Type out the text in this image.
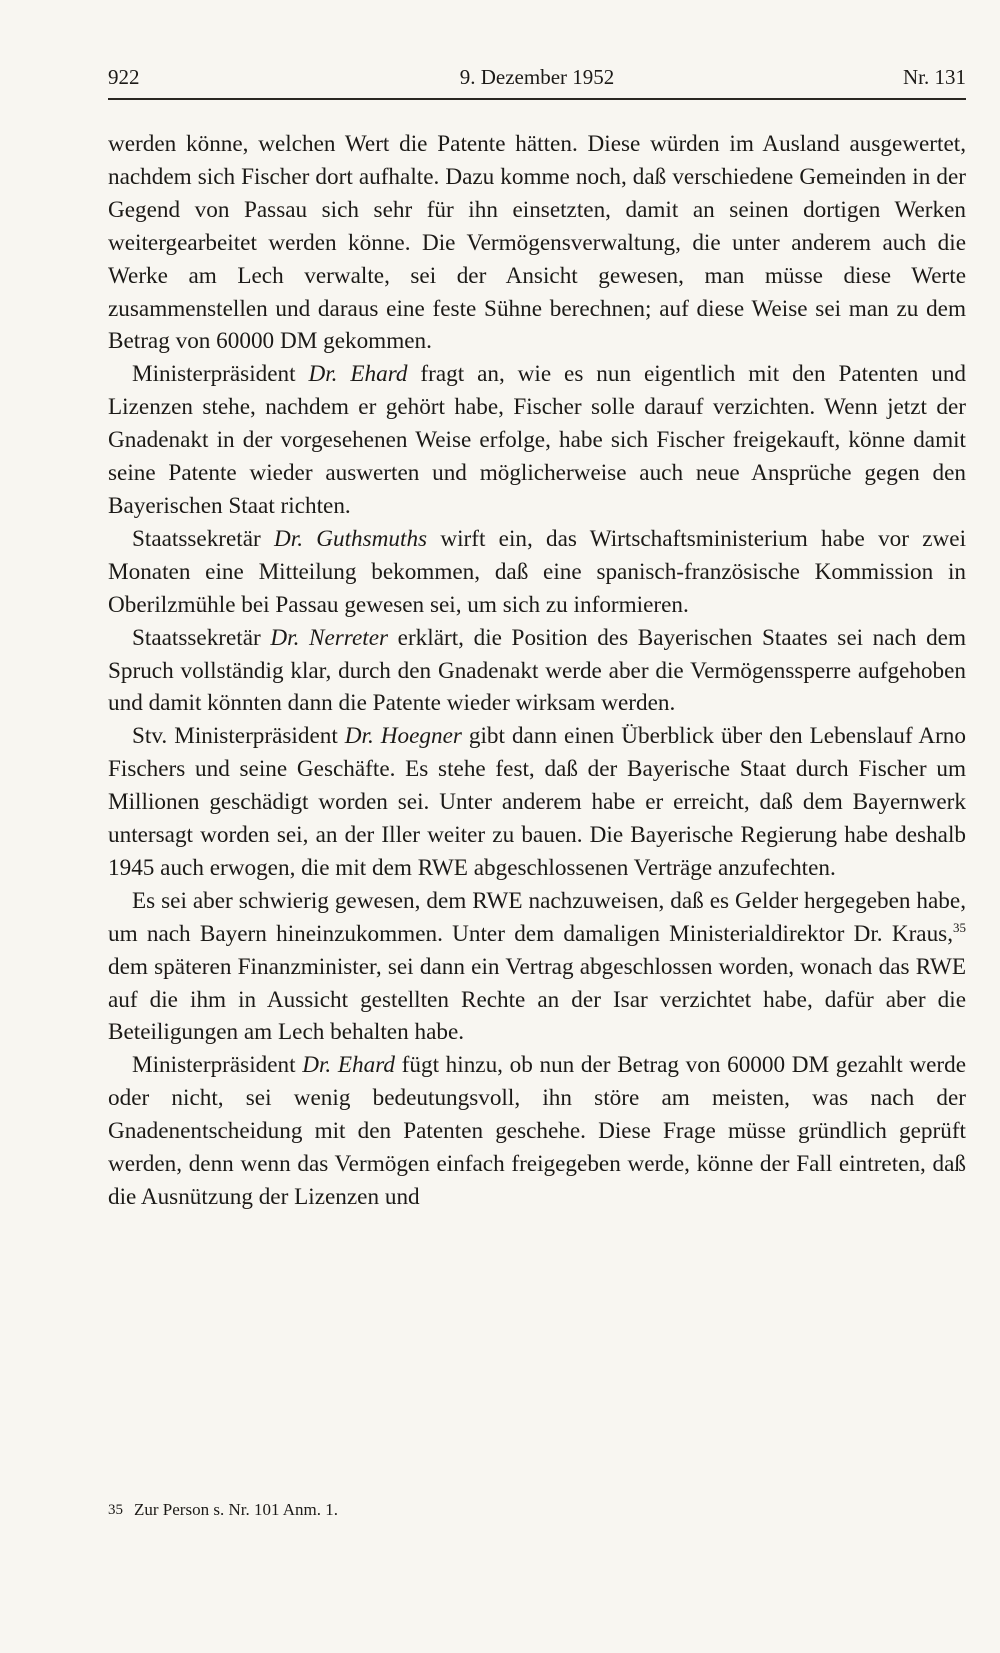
922	9. Dezember 1952	Nr. 131

werden könne, welchen Wert die Patente hätten. Diese würden im Ausland ausgewertet, nachdem sich Fischer dort aufhalte. Dazu komme noch, daß verschiedene Gemeinden in der Gegend von Passau sich sehr für ihn einsetzten, damit an seinen dortigen Werken weitergearbeitet werden könne. Die Vermögensverwaltung, die unter anderem auch die Werke am Lech verwalte, sei der Ansicht gewesen, man müsse diese Werte zusammenstellen und daraus eine feste Sühne berechnen; auf diese Weise sei man zu dem Betrag von 60000 DM gekommen.

Ministerpräsident Dr. Ehard fragt an, wie es nun eigentlich mit den Patenten und Lizenzen stehe, nachdem er gehört habe, Fischer solle darauf verzichten. Wenn jetzt der Gnadenakt in der vorgesehenen Weise erfolge, habe sich Fischer freigekauft, könne damit seine Patente wieder auswerten und möglicherweise auch neue Ansprüche gegen den Bayerischen Staat richten.

Staatssekretär Dr. Guthsmuths wirft ein, das Wirtschaftsministerium habe vor zwei Monaten eine Mitteilung bekommen, daß eine spanisch-französische Kommission in Oberilzmühle bei Passau gewesen sei, um sich zu informieren.

Staatssekretär Dr. Nerreter erklärt, die Position des Bayerischen Staates sei nach dem Spruch vollständig klar, durch den Gnadenakt werde aber die Vermögenssperre aufgehoben und damit könnten dann die Patente wieder wirksam werden.

Stv. Ministerpräsident Dr. Hoegner gibt dann einen Überblick über den Lebenslauf Arno Fischers und seine Geschäfte. Es stehe fest, daß der Bayerische Staat durch Fischer um Millionen geschädigt worden sei. Unter anderem habe er erreicht, daß dem Bayernwerk untersagt worden sei, an der Iller weiter zu bauen. Die Bayerische Regierung habe deshalb 1945 auch erwogen, die mit dem RWE abgeschlossenen Verträge anzufechten.

Es sei aber schwierig gewesen, dem RWE nachzuweisen, daß es Gelder hergegeben habe, um nach Bayern hineinzukommen. Unter dem damaligen Ministerialdirektor Dr. Kraus,$^{35}$ dem späteren Finanzminister, sei dann ein Vertrag abgeschlossen worden, wonach das RWE auf die ihm in Aussicht gestellten Rechte an der Isar verzichtet habe, dafür aber die Beteiligungen am Lech behalten habe.

Ministerpräsident Dr. Ehard fügt hinzu, ob nun der Betrag von 60000 DM gezahlt werde oder nicht, sei wenig bedeutungsvoll, ihn störe am meisten, was nach der Gnadenentscheidung mit den Patenten geschehe. Diese Frage müsse gründlich geprüft werden, denn wenn das Vermögen einfach freigegeben werde, könne der Fall eintreten, daß die Ausnützung der Lizenzen und

35 Zur Person s. Nr. 101 Anm. 1.
